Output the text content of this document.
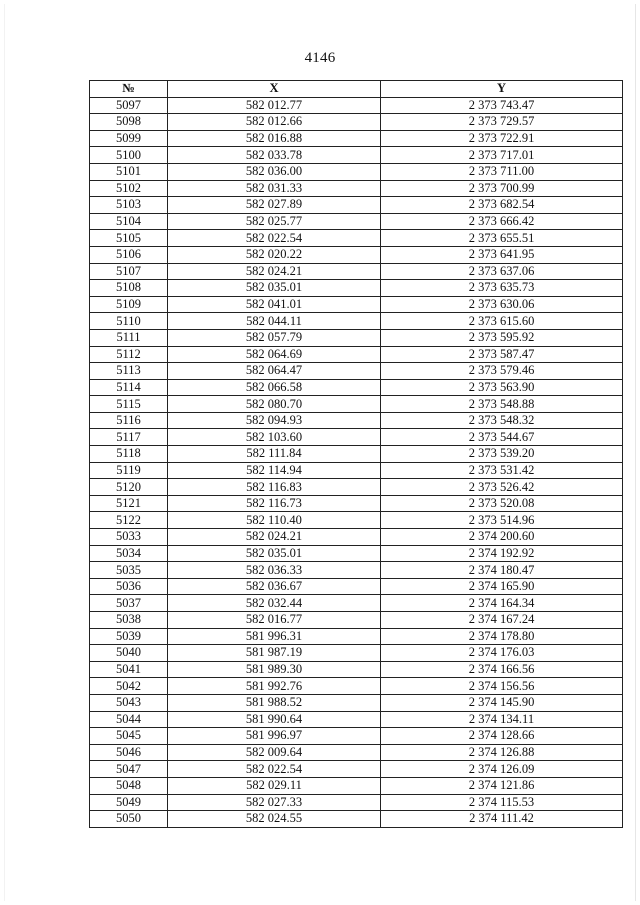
4146
№	X	Y
5097	582 012.77	2 373 743.47
5098	582 012.66	2 373 729.57
5099	582 016.88	2 373 722.91
5100	582 033.78	2 373 717.01
5101	582 036.00	2 373 711.00
5102	582 031.33	2 373 700.99
5103	582 027.89	2 373 682.54
5104	582 025.77	2 373 666.42
5105	582 022.54	2 373 655.51
5106	582 020.22	2 373 641.95
5107	582 024.21	2 373 637.06
5108	582 035.01	2 373 635.73
5109	582 041.01	2 373 630.06
5110	582 044.11	2 373 615.60
5111	582 057.79	2 373 595.92
5112	582 064.69	2 373 587.47
5113	582 064.47	2 373 579.46
5114	582 066.58	2 373 563.90
5115	582 080.70	2 373 548.88
5116	582 094.93	2 373 548.32
5117	582 103.60	2 373 544.67
5118	582 111.84	2 373 539.20
5119	582 114.94	2 373 531.42
5120	582 116.83	2 373 526.42
5121	582 116.73	2 373 520.08
5122	582 110.40	2 373 514.96
5033	582 024.21	2 374 200.60
5034	582 035.01	2 374 192.92
5035	582 036.33	2 374 180.47
5036	582 036.67	2 374 165.90
5037	582 032.44	2 374 164.34
5038	582 016.77	2 374 167.24
5039	581 996.31	2 374 178.80
5040	581 987.19	2 374 176.03
5041	581 989.30	2 374 166.56
5042	581 992.76	2 374 156.56
5043	581 988.52	2 374 145.90
5044	581 990.64	2 374 134.11
5045	581 996.97	2 374 128.66
5046	582 009.64	2 374 126.88
5047	582 022.54	2 374 126.09
5048	582 029.11	2 374 121.86
5049	582 027.33	2 374 115.53
5050	582 024.55	2 374 111.42
